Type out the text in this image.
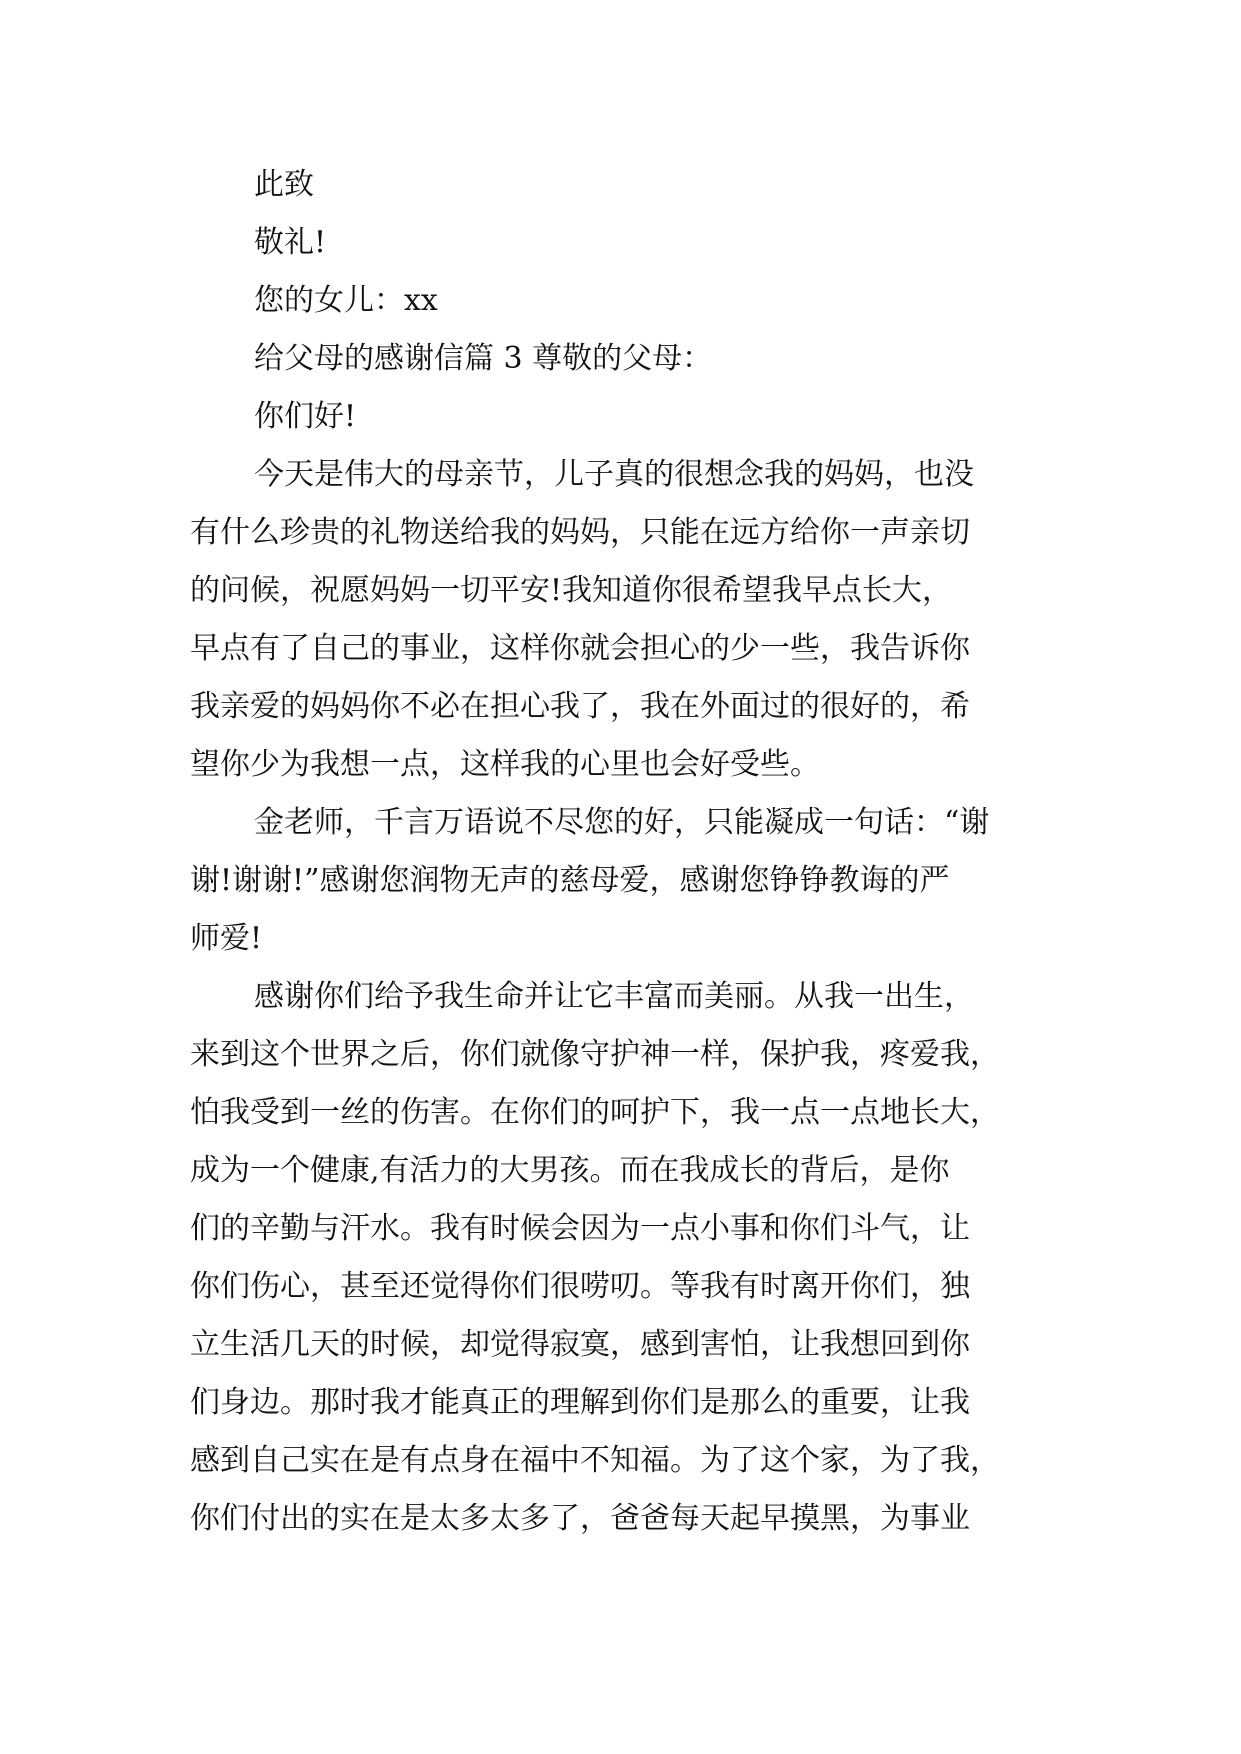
此致

敬礼!

您的女儿：xx

给父母的感谢信篇 3 尊敬的父母：

你们好!

今天是伟大的母亲节，儿子真的很想念我的妈妈，也没
有什么珍贵的礼物送给我的妈妈，只能在远方给你一声亲切
的问候，祝愿妈妈一切平安!我知道你很希望我早点长大，
早点有了自己的事业，这样你就会担心的少一些，我告诉你
我亲爱的妈妈你不必在担心我了，我在外面过的很好的，希
望你少为我想一点，这样我的心里也会好受些。

金老师，千言万语说不尽您的好，只能凝成一句话：“谢
谢!谢谢!”感谢您润物无声的慈母爱，感谢您铮铮教诲的严
师爱!

感谢你们给予我生命并让它丰富而美丽。从我一出生，
来到这个世界之后，你们就像守护神一样，保护我，疼爱我，
怕我受到一丝的伤害。在你们的呵护下，我一点一点地长大，
成为一个健康,有活力的大男孩。而在我成长的背后，是你
们的辛勤与汗水。我有时候会因为一点小事和你们斗气，让
你们伤心，甚至还觉得你们很唠叨。等我有时离开你们，独
立生活几天的时候，却觉得寂寞，感到害怕，让我想回到你
们身边。那时我才能真正的理解到你们是那么的重要，让我
感到自己实在是有点身在福中不知福。为了这个家，为了我，
你们付出的实在是太多太多了，爸爸每天起早摸黑，为事业
